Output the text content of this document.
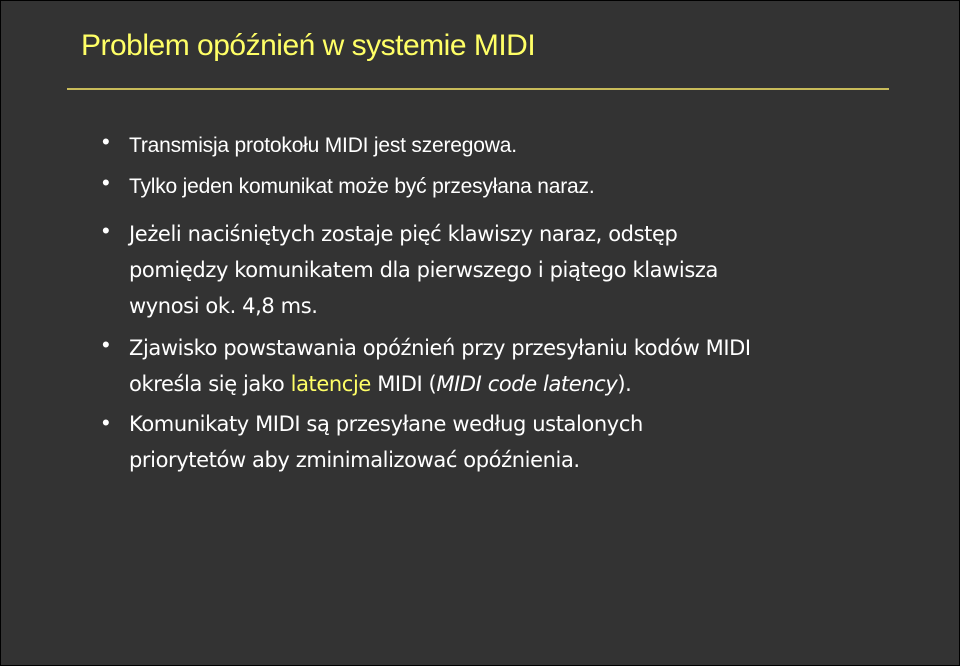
Problem opóźnień w systemie MIDI
• Transmisja protokołu MIDI jest szeregowa.
• Tylko jeden komunikat może być przesyłana naraz.
• Jeżeli naciśniętych zostaje pięć klawiszy naraz, odstęp
pomiędzy komunikatem dla pierwszego i piątego klawisza
wynosi ok. 4,8 ms.
• Zjawisko powstawania opóźnień przy przesyłaniu kodów MIDI
określa się jako latencje MIDI (MIDI code latency).
• Komunikaty MIDI są przesyłane według ustalonych
priorytetów aby zminimalizować opóźnienia.
